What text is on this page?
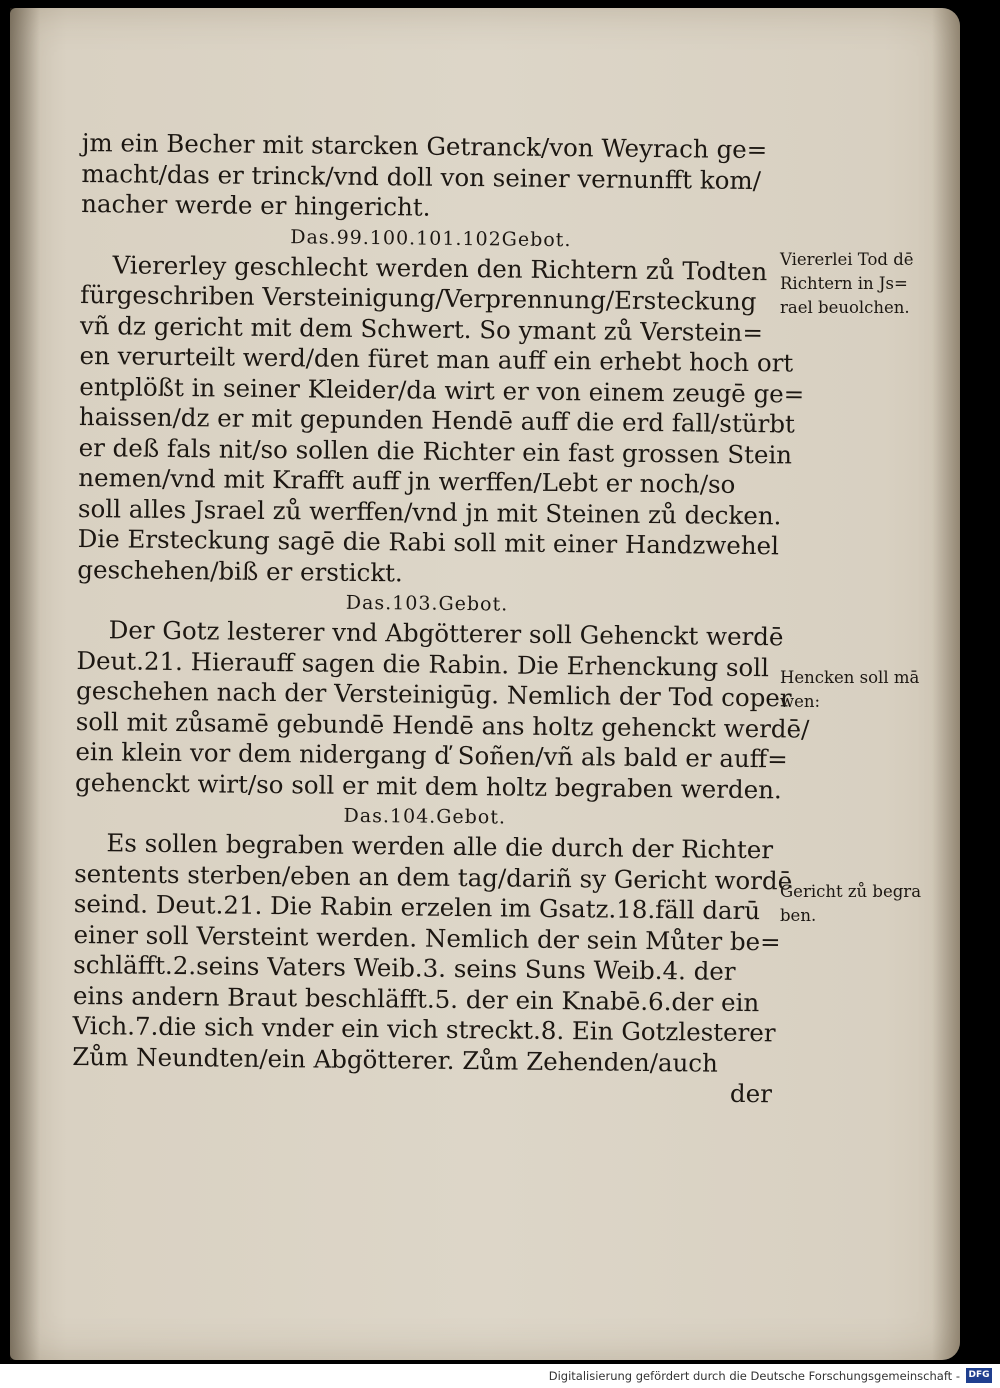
jm ein Becher mit starcken Getranck/von Weyrach ge=
macht/das er trinck/vnd doll von seiner vernunfft kom/
nacher werde er hingericht.

Das.99.100.101.102Gebot.

Viererley geschlecht werden den Richtern zů Todten
fürgeschriben Versteinigung/Verprennung/Ersteckung
vñ dz gericht mit dem Schwert. So ymant zů Verstein=
en verurteilt werd/den füret man auff ein erhebt hoch ort
entplößt in seiner Kleider/da wirt er von einem zeugē ge=
haissen/dz er mit gepunden Hendē auff die erd fall/stürbt
er deß fals nit/so sollen die Richter ein fast grossen Stein
nemen/vnd mit Krafft auff jn werffen/Lebt er noch/so
soll alles Jsrael zů werffen/vnd jn mit Steinen zů decken.
Die Ersteckung sagē die Rabi soll mit einer Handzwehel
geschehen/biß er erstickt.

Das.103.Gebot.

Der Gotz lesterer vnd Abgötterer soll Gehenckt werdē
Deut.21. Hierauff sagen die Rabin. Die Erhenckung soll
geschehen nach der Versteinigūg. Nemlich der Tod coper
soll mit zůsamē gebundē Hendē ans holtz gehenckt werdē/
ein klein vor dem nidergang ď Soñen/vñ als bald er auff=
gehenckt wirt/so soll er mit dem holtz begraben werden.

Das.104.Gebot.

Es sollen begraben werden alle die durch der Richter
sentents sterben/eben an dem tag/dariñ sy Gericht wordē
seind. Deut.21. Die Rabin erzelen im Gsatz.18.fäll darū
einer soll Versteint werden. Nemlich der sein Můter be=
schläfft.2.seins Vaters Weib.3. seins Suns Weib.4. der
eins andern Braut beschläfft.5. der ein Knabē.6.der ein
Vich.7.die sich vnder ein vich streckt.8. Ein Gotzlesterer
Zům Neundten/ein Abgötterer. Zům Zehenden/auch

der

Viererlei Tod dē
Richtern in Js=
rael beuolchen.
Hencken soll mā
wen:
Gericht zů begra
ben.
Digitalisierung gefördert durch die Deutsche Forschungsgemeinschaft - DFG
